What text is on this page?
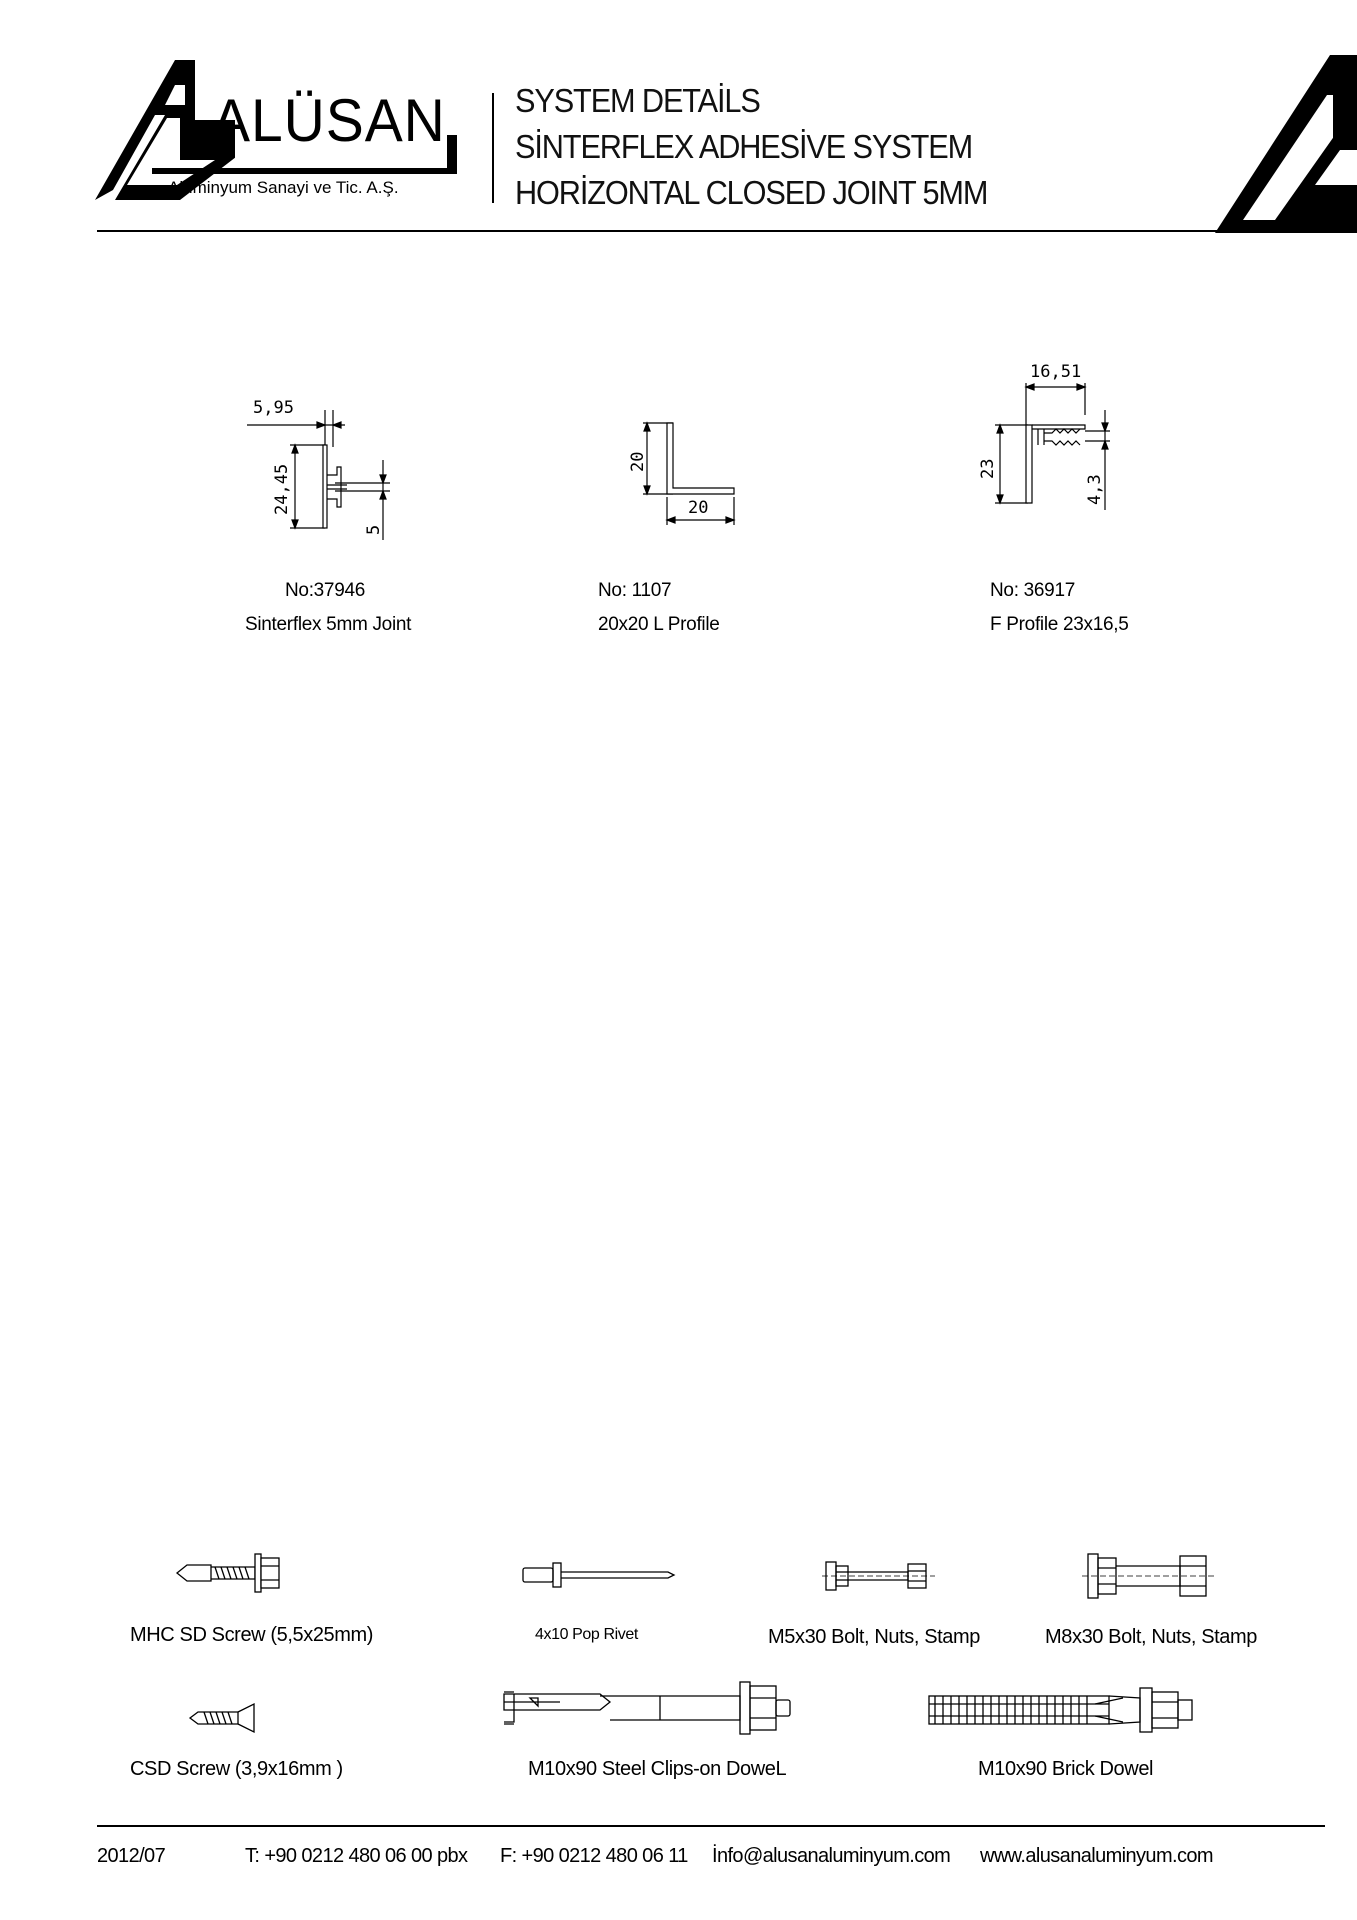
ALÜSAN
Alüminyum Sanayi ve Tic. A.Ş.
SYSTEM DETAİLS
SİNTERFLEX ADHESİVE SYSTEM
HORİZONTAL CLOSED JOINT 5MM
5,95
24,45
5
No:37946
Sinterflex 5mm Joint
20
20
No: 1107
20x20 L Profile
16,51
23
4,3
No: 36917
F Profile 23x16,5
MHC SD Screw (5,5x25mm)	4x10 Pop Rivet	M5x30 Bolt, Nuts, Stamp	M8x30 Bolt, Nuts, Stamp
CSD Screw (3,9x16mm )	M10x90 Steel Clips-on DoweL	M10x90 Brick Dowel
2012/07	T: +90 0212 480 06 00 pbx F: +90 0212 480 06 11 İnfo@alusanaluminyum.com www.alusanaluminyum.com
